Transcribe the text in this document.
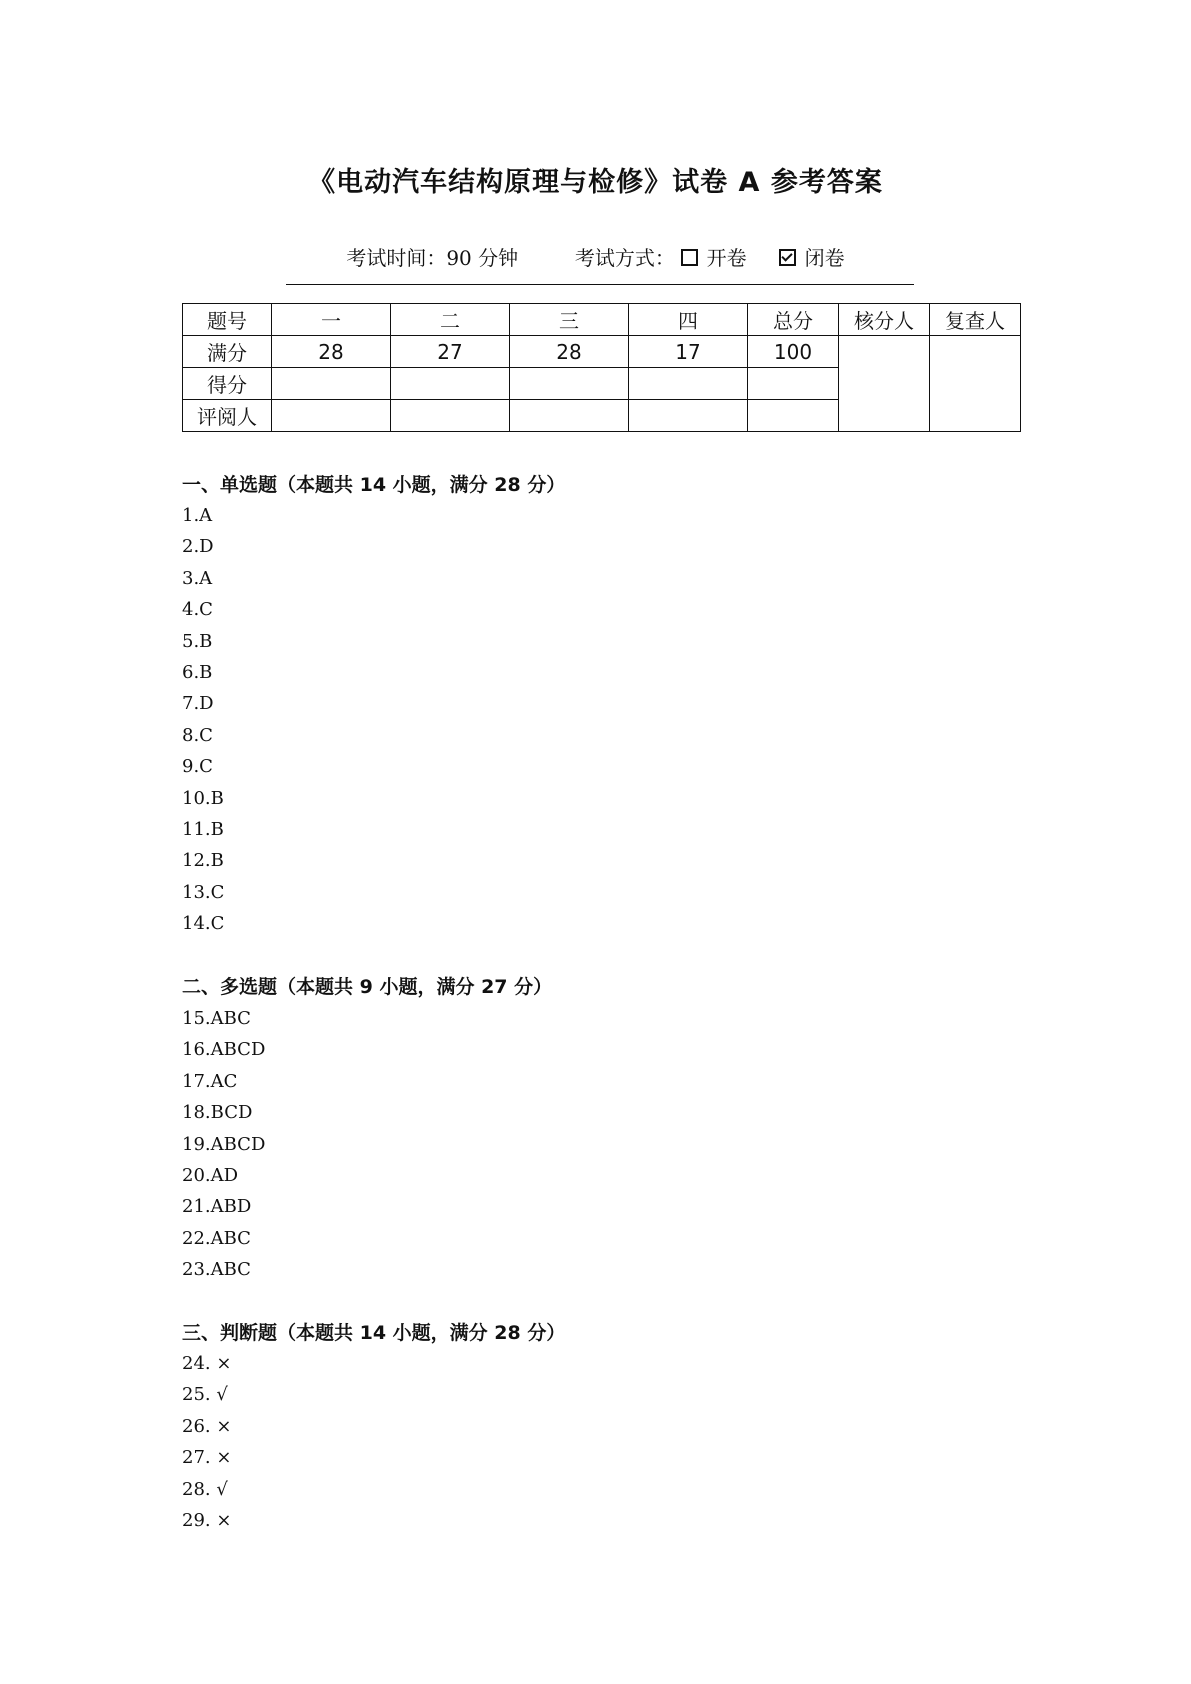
《电动汽车结构原理与检修》试卷 A 参考答案
考试时间：90 分钟	考试方式： 开卷	闭卷
题号	一	二	三	四	总分	核分人	复查人
满分	28	27	28	17	100		
得分							
评阅人							
一、单选题（本题共 14 小题，满分 28 分）
1.A
2.D
3.A
4.C
5.B
6.B
7.D
8.C
9.C
10.B
11.B
12.B
13.C
14.C
二、多选题（本题共 9 小题，满分 27 分）
15.ABC
16.ABCD
17.AC
18.BCD
19.ABCD
20.AD
21.ABD
22.ABC
23.ABC
三、判断题（本题共 14 小题，满分 28 分）
24. ×
25. √
26. ×
27. ×
28. √
29. ×
